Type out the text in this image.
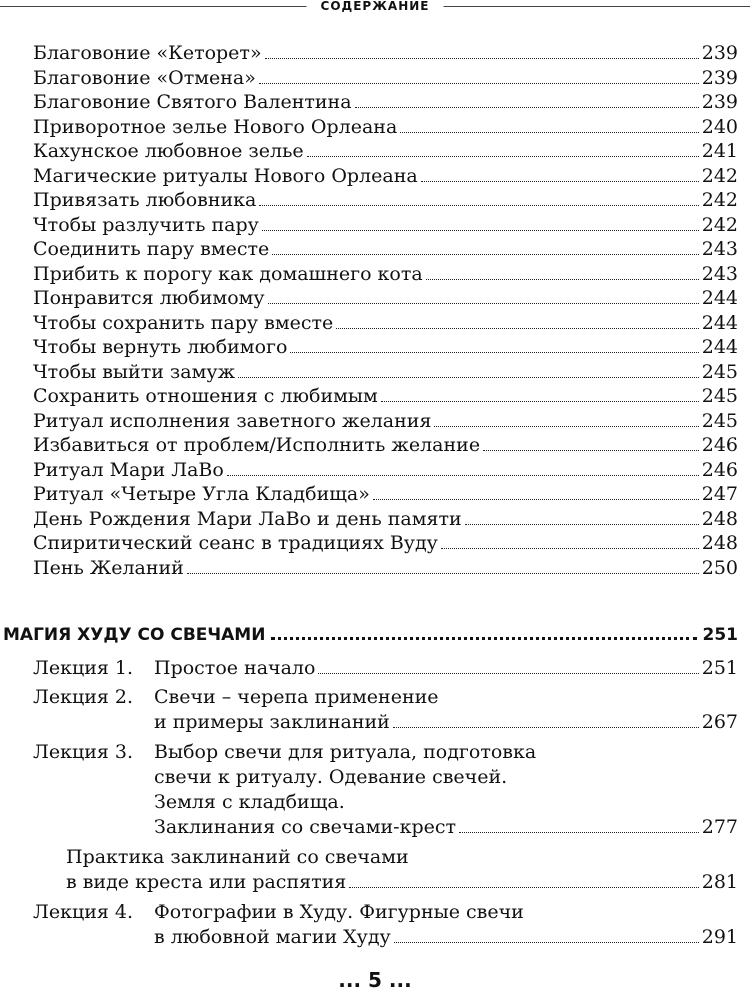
СОДЕРЖАНИЕ
Благовоние «Кеторет»	239
Благовоние «Отмена»	239
Благовоние Святого Валентина	239
Приворотное зелье Нового Орлеана	240
Кахунское любовное зелье	241
Магические ритуалы Нового Орлеана	242
Привязать любовника	242
Чтобы разлучить пару	242
Соединить пару вместе	243
Прибить к порогу как домашнего кота	243
Понравится любимому	244
Чтобы сохранить пару вместе	244
Чтобы вернуть любимого	244
Чтобы выйти замуж	245
Сохранить отношения с любимым	245
Ритуал исполнения заветного желания	245
Избавиться от проблем/Исполнить желание	246
Ритуал Мари ЛаВо	246
Ритуал «Четыре Угла Кладбища»	247
День Рождения Мари ЛаВо и день памяти	248
Спиритический сеанс в традициях Вуду	248
Пень Желаний	250
МАГИЯ ХУДУ СО СВЕЧАМИ	251
Лекция 1. Простое начало	251
Лекция 2. Свечи – черепа применение
и примеры заклинаний	267
Лекция 3. Выбор свечи для ритуала, подготовка
свечи к ритуалу. Одевание свечей.
Земля с кладбища.
Заклинания со свечами-крест	277
Практика заклинаний со свечами
в виде креста или распятия	281
Лекция 4. Фотографии в Худу. Фигурные свечи
в любовной магии Худу	291
... 5 ...
